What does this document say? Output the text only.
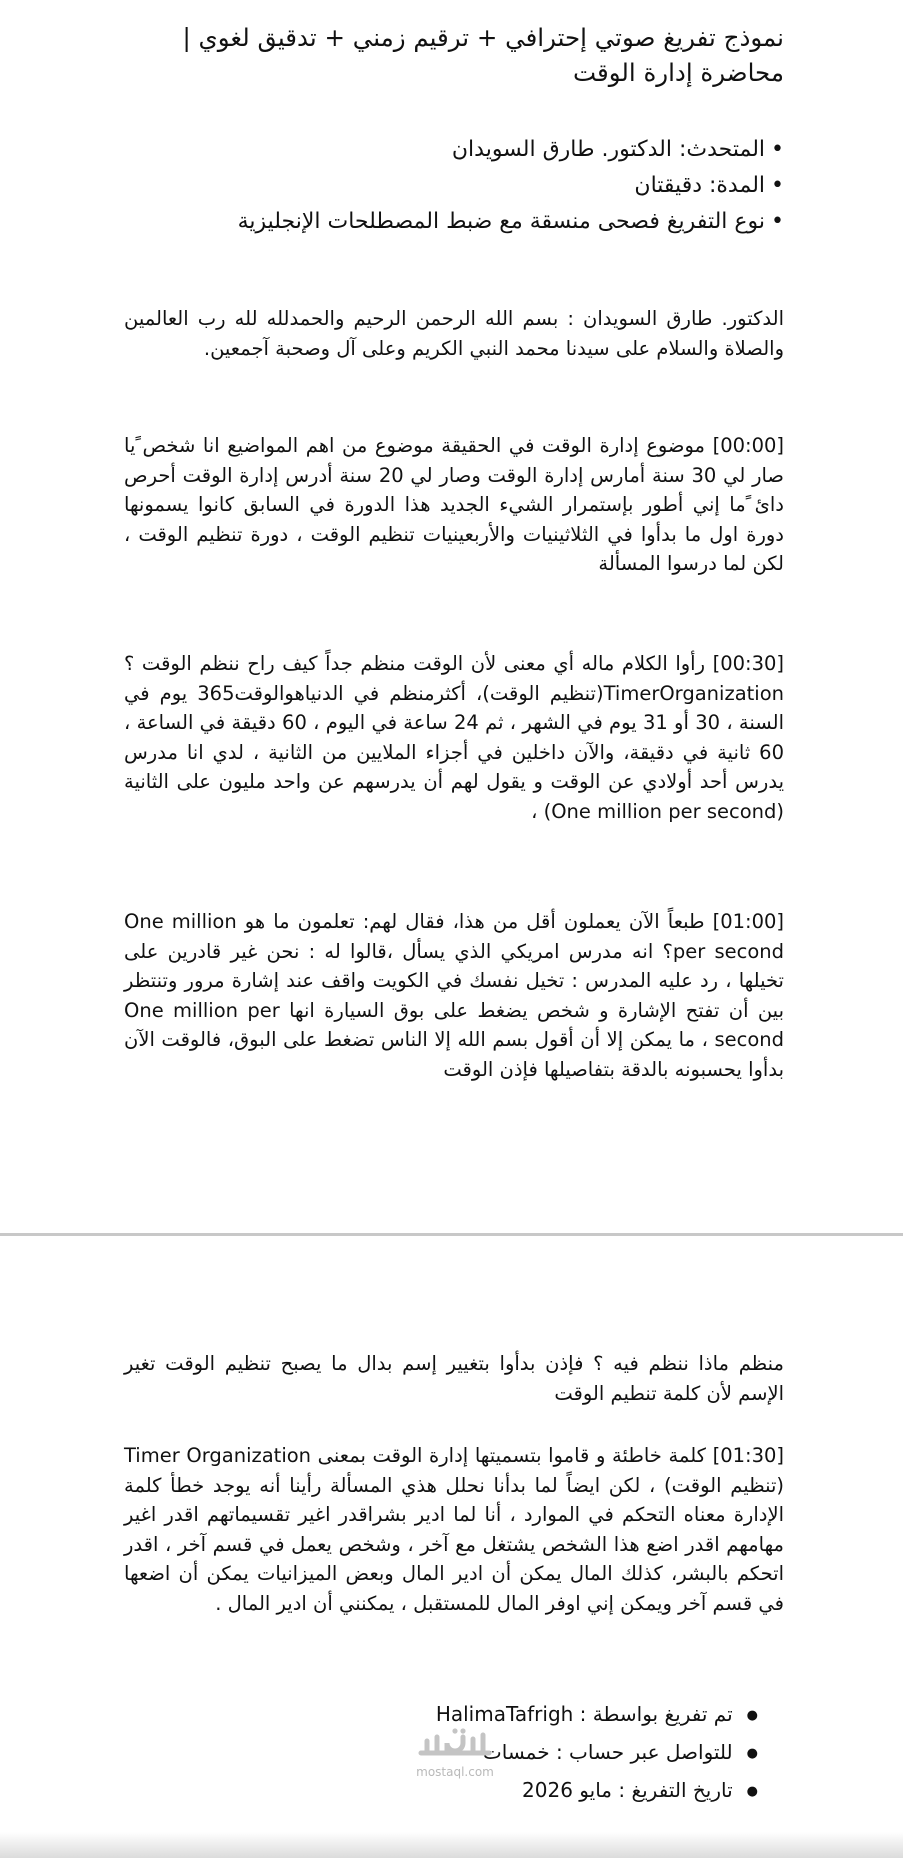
نموذج تفريغ صوتي إحترافي + ترقيم زمني + تدقيق لغوي | محاضرة إدارة الوقت
• المتحدث: الدكتور. طارق السويدان
• المدة: دقيقتان
• نوع التفريغ فصحى منسقة مع ضبط المصطلحات الإنجليزية

الدكتور. طارق السويدان : بسم الله الرحمن الرحيم والحمدلله لله رب العالمين والصلاة والسلام على سيدنا محمد النبي الكريم وعلى آل وصحبة آجمعين.

[00:00] موضوع إدارة الوقت في الحقيقة موضوع من اهم المواضيع انا شخص ًيا صار لي 30 سنة أمارس إدارة الوقت وصار لي 20 سنة أدرس إدارة الوقت أحرص دائ ًما إني أطور بإستمرار الشيء الجديد هذا الدورة في السابق كانوا يسمونها دورة اول ما بدأوا في الثلاثينيات والأربعينيات تنظيم الوقت ، دورة تنظيم الوقت ، لكن لما درسوا المسألة

[00:30] رأوا الكلام ماله أي معنى لأن الوقت منظم جداً كيف راح ننظم الوقت ؟ TimerOrganization(تنظيم الوقت)، أكثرمنظم في الدنياهوالوقت365 يوم في السنة ، 30 أو 31 يوم في الشهر ، ثم 24 ساعة في اليوم ، 60 دقيقة في الساعة ، 60 ثانية في دقيقة، والآن داخلين في أجزاء الملايين من الثانية ، لدي انا مدرس يدرس أحد أولادي عن الوقت و يقول لهم أن يدرسهم عن واحد مليون على الثانية (One million per second) ،

[01:00] طبعاً الآن يعملون أقل من هذا، فقال لهم: تعلمون ما هو One million per second؟ انه مدرس امريكي الذي يسأل ،قالوا له : نحن غير قادرين على تخيلها ، رد عليه المدرس : تخيل نفسك في الكويت واقف عند إشارة مرور وتنتظر بين أن تفتح الإشارة و شخص يضغط على بوق السيارة انها One million per second ، ما يمكن إلا أن أقول بسم الله إلا الناس تضغط على البوق، فالوقت الآن بدأوا يحسبونه بالدقة بتفاصيلها فإذن الوقت

منظم ماذا ننظم فيه ؟ فإذن بدأوا بتغيير إسم بدال ما يصبح تنظيم الوقت تغير الإسم لأن كلمة تنطيم الوقت

[01:30] كلمة خاطئة و قاموا بتسميتها إدارة الوقت بمعنى Timer Organization (تنظيم الوقت) ، لكن ايضاً لما بدأنا نحلل هذي المسألة رأينا أنه يوجد خطأ كلمة الإدارة معناه التحكم في الموارد ، أنا لما ادير بشراقدر اغير تقسيماتهم اقدر اغير مهامهم اقدر اضع هذا الشخص يشتغل مع آخر ، وشخص يعمل في قسم آخر ، اقدر اتحكم بالبشر، كذلك المال يمكن أن ادير المال وبعض الميزانيات يمكن أن اضعها في قسم آخر ويمكن إني اوفر المال للمستقبل ، يمكنني أن ادير المال .

● تم تفريغ بواسطة : HalimaTafrigh
● للتواصل عبر حساب : خمسات
● تاريخ التفريغ : مايو 2026
mostaql.com
